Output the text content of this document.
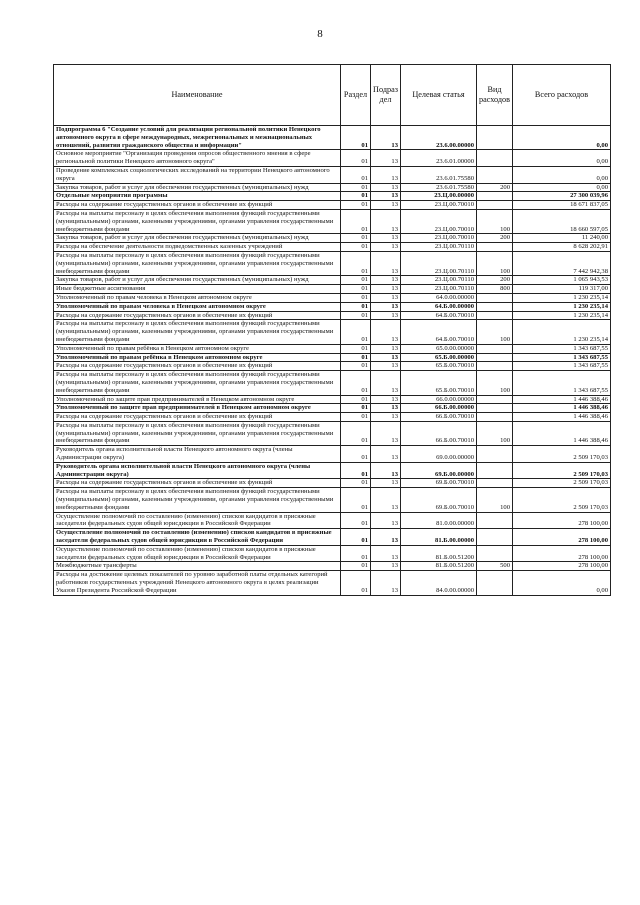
8
Наименование	Раздел	Подраз дел	Целевая статья	Вид расходов	Всего расходов
Подпрограмма 6 "Создание условий для реализации региональной политики Ненецкого автономного округа в сфере международных, межрегиональных и межнациональных отношений, развития гражданского общества и информации"	01	13	23.6.00.00000		0,00
Основное мероприятие "Организация проведения опросов общественного мнения в сфере региональной политики Ненецкого автономного округа"	01	13	23.6.01.00000		0,00
Проведение комплексных социологических исследований на территории Ненецкого автономного округа	01	13	23.6.01.75580		0,00
Закупка товаров, работ и услуг для обеспечения государственных (муниципальных) нужд	01	13	23.6.01.75580	200	0,00
Отдельные мероприятия программы	01	13	23.Ц.00.00000		27 300 039,96
Расходы на содержание государственных органов и обеспечение их функций	01	13	23.Ц.00.70010		18 671 837,05
Расходы на выплаты персоналу в целях обеспечения выполнения функций государственными (муниципальными) органами, казенными учреждениями, органами управления государственными внебюджетными фондами	01	13	23.Ц.00.70010	100	18 660 597,05
Закупка товаров, работ и услуг для обеспечения государственных (муниципальных) нужд	01	13	23.Ц.00.70010	200	11 240,00
Расходы на обеспечение деятельности подведомственных казенных учреждений	01	13	23.Ц.00.70110		8 628 202,91
Расходы на выплаты персоналу в целях обеспечения выполнения функций государственными (муниципальными) органами, казенными учреждениями, органами управления государственными внебюджетными фондами	01	13	23.Ц.00.70110	100	7 442 942,38
Закупка товаров, работ и услуг для обеспечения государственных (муниципальных) нужд	01	13	23.Ц.00.70110	200	1 065 943,53
Иные бюджетные ассигнования	01	13	23.Ц.00.70110	800	119 317,00
Уполномоченный по правам человека в Ненецком автономном округе	01	13	64.0.00.00000		1 230 235,14
Уполномоченный по правам человека в Ненецком автономном округе	01	13	64.Б.00.00000		1 230 235,14
Расходы на содержание государственных органов и обеспечение их функций	01	13	64.Б.00.70010		1 230 235,14
Расходы на выплаты персоналу в целях обеспечения выполнения функций государственными (муниципальными) органами, казенными учреждениями, органами управления государственными внебюджетными фондами	01	13	64.Б.00.70010	100	1 230 235,14
Уполномоченный по правам ребёнка в Ненецком автономном округе	01	13	65.0.00.00000		1 343 687,55
Уполномоченный по правам ребёнка в Ненецком автономном округе	01	13	65.Б.00.00000		1 343 687,55
Расходы на содержание государственных органов и обеспечение их функций	01	13	65.Б.00.70010		1 343 687,55
Расходы на выплаты персоналу в целях обеспечения выполнения функций государственными (муниципальными) органами, казенными учреждениями, органами управления государственными внебюджетными фондами	01	13	65.Б.00.70010	100	1 343 687,55
Уполномоченный по защите прав предпринимателей в Ненецком автономном округе	01	13	66.0.00.00000		1 446 388,46
Уполномоченный по защите прав предпринимателей в Ненецком автономном округе	01	13	66.Б.00.00000		1 446 388,46
Расходы на содержание государственных органов и обеспечение их функций	01	13	66.Б.00.70010		1 446 388,46
Расходы на выплаты персоналу в целях обеспечения выполнения функций государственными (муниципальными) органами, казенными учреждениями, органами управления государственными внебюджетными фондами	01	13	66.Б.00.70010	100	1 446 388,46
Руководитель органа исполнительной власти Ненецкого автономного округа (члены Администрации округа)	01	13	69.0.00.00000		2 509 170,03
Руководитель органа исполнительной власти Ненецкого автономного округа (члены Администрации округа)	01	13	69.Б.00.00000		2 509 170,03
Расходы на содержание государственных органов и обеспечение их функций	01	13	69.Б.00.70010		2 509 170,03
Расходы на выплаты персоналу в целях обеспечения выполнения функций государственными (муниципальными) органами, казенными учреждениями, органами управления государственными внебюджетными фондами	01	13	69.Б.00.70010	100	2 509 170,03
Осуществление полномочий по составлению (изменению) списков кандидатов в присяжные заседатели федеральных судов общей юрисдикции в Российской Федерации	01	13	81.0.00.00000		278 100,00
Осуществление полномочий по составлению (изменению) списков кандидатов в присяжные заседатели федеральных судов общей юрисдикции в Российской Федерации	01	13	81.Б.00.00000		278 100,00
Осуществление полномочий по составлению (изменению) списков кандидатов в присяжные заседатели федеральных судов общей юрисдикции в Российской Федерации	01	13	81.Б.00.51200		278 100,00
Межбюджетные трансферты	01	13	81.Б.00.51200	500	278 100,00
Расходы на достижение целевых показателей по уровню заработной платы отдельных категорий работников государственных учреждений Ненецкого автономного округа в целях реализации Указов Президента Российской Федерации	01	13	84.0.00.00000		0,00
